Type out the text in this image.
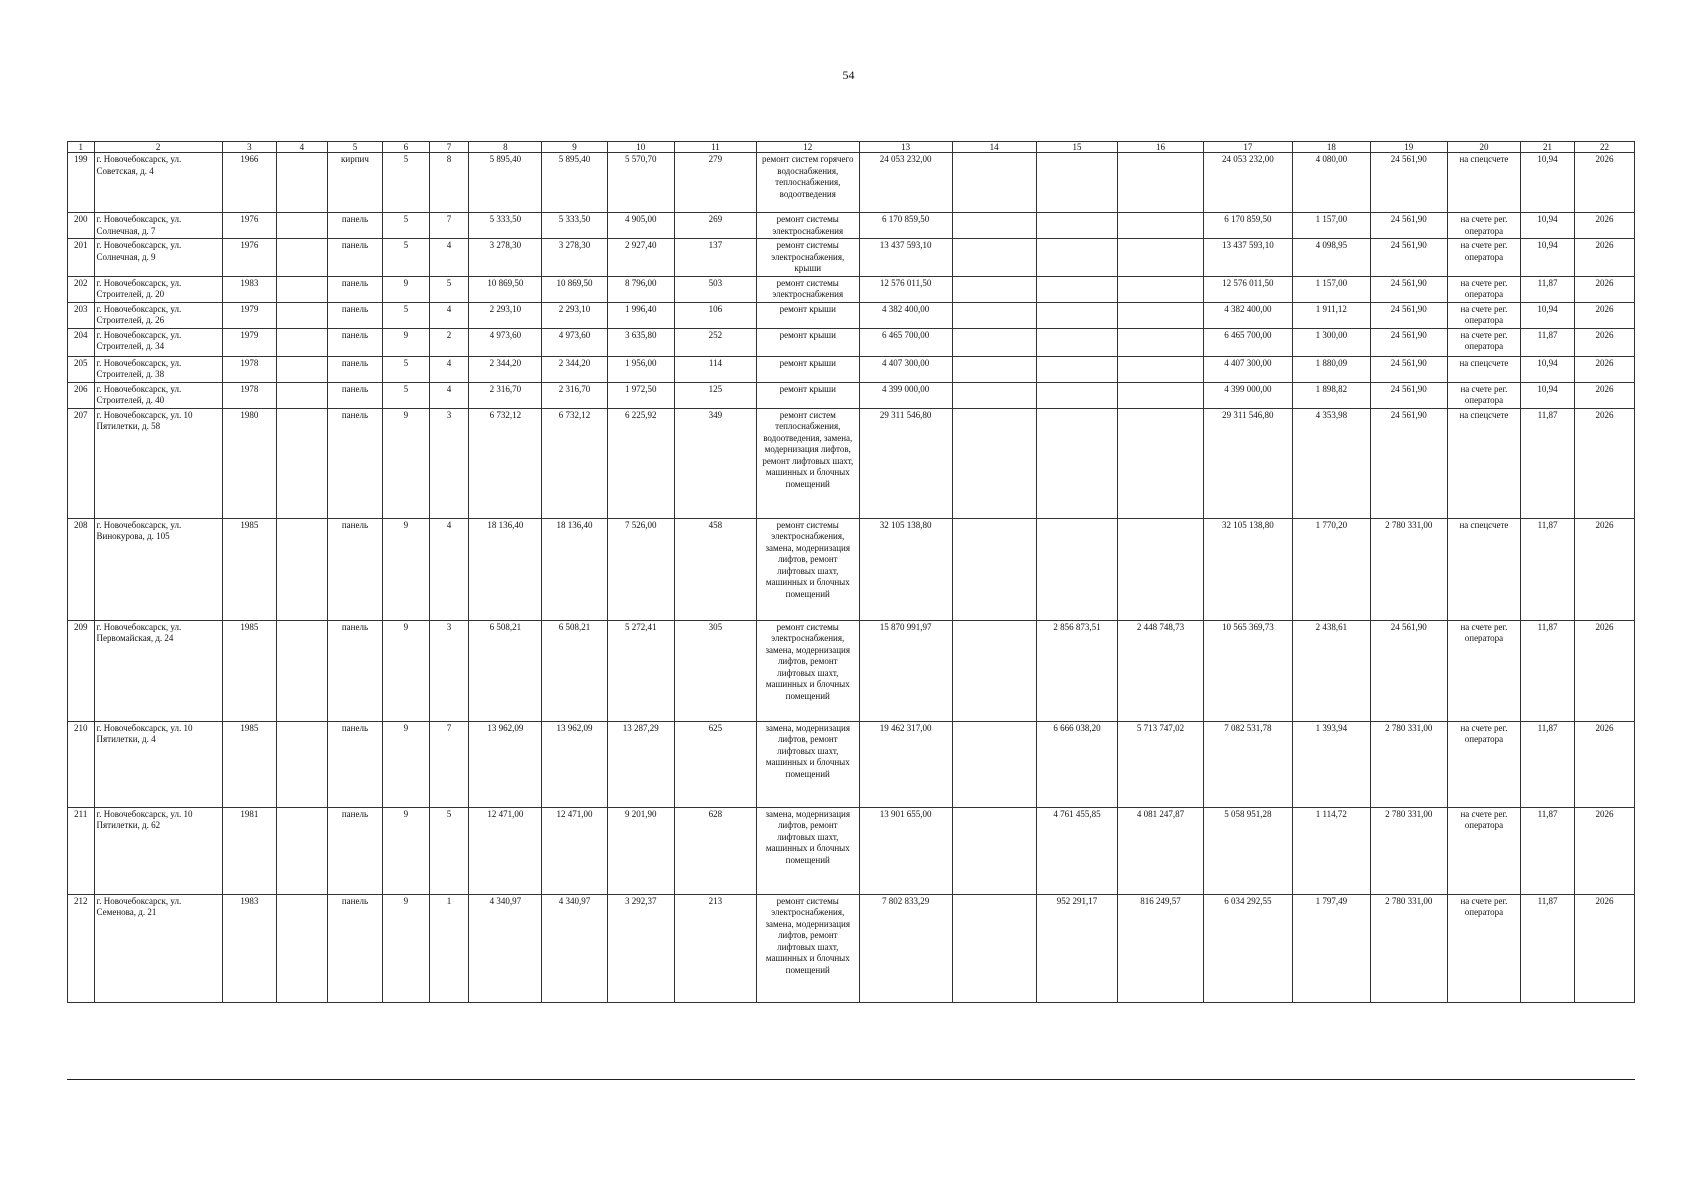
54
1	2	3	4	5	6	7	8	9	10	11	12	13	14	15	16	17	18	19	20	21	22
199	г. Новочебоксарск, ул. Советская, д. 4	1966		кирпич	5	8	5 895,40	5 895,40	5 570,70	279	ремонт систем горячего водоснабжения, теплоснабжения, водоотведения	24 053 232,00				24 053 232,00	4 080,00	24 561,90	на спецсчете	10,94	2026
200	г. Новочебоксарск, ул. Солнечная, д. 7	1976		панель	5	7	5 333,50	5 333,50	4 905,00	269	ремонт системы электроснабжения	6 170 859,50				6 170 859,50	1 157,00	24 561,90	на счете рег. оператора	10,94	2026
201	г. Новочебоксарск, ул. Солнечная, д. 9	1976		панель	5	4	3 278,30	3 278,30	2 927,40	137	ремонт системы электроснабжения, крыши	13 437 593,10				13 437 593,10	4 098,95	24 561,90	на счете рег. оператора	10,94	2026
202	г. Новочебоксарск, ул. Строителей, д. 20	1983		панель	9	5	10 869,50	10 869,50	8 796,00	503	ремонт системы электроснабжения	12 576 011,50				12 576 011,50	1 157,00	24 561,90	на счете рег. оператора	11,87	2026
203	г. Новочебоксарск, ул. Строителей, д. 26	1979		панель	5	4	2 293,10	2 293,10	1 996,40	106	ремонт крыши	4 382 400,00				4 382 400,00	1 911,12	24 561,90	на счете рег. оператора	10,94	2026
204	г. Новочебоксарск, ул. Строителей, д. 34	1979		панель	9	2	4 973,60	4 973,60	3 635,80	252	ремонт крыши	6 465 700,00				6 465 700,00	1 300,00	24 561,90	на счете рег. оператора	11,87	2026
205	г. Новочебоксарск, ул. Строителей, д. 38	1978		панель	5	4	2 344,20	2 344,20	1 956,00	114	ремонт крыши	4 407 300,00				4 407 300,00	1 880,09	24 561,90	на спецсчете	10,94	2026
206	г. Новочебоксарск, ул. Строителей, д. 40	1978		панель	5	4	2 316,70	2 316,70	1 972,50	125	ремонт крыши	4 399 000,00				4 399 000,00	1 898,82	24 561,90	на счете рег. оператора	10,94	2026
207	г. Новочебоксарск, ул. 10 Пятилетки, д. 58	1980		панель	9	3	6 732,12	6 732,12	6 225,92	349	ремонт систем теплоснабжения, водоотведения, замена, модернизация лифтов, ремонт лифтовых шахт, машинных и блочных помещений	29 311 546,80				29 311 546,80	4 353,98	24 561,90	на спецсчете	11,87	2026
208	г. Новочебоксарск, ул. Винокурова, д. 105	1985		панель	9	4	18 136,40	18 136,40	7 526,00	458	ремонт системы электроснабжения, замена, модернизация лифтов, ремонт лифтовых шахт, машинных и блочных помещений	32 105 138,80				32 105 138,80	1 770,20	2 780 331,00	на спецсчете	11,87	2026
209	г. Новочебоксарск, ул. Первомайская, д. 24	1985		панель	9	3	6 508,21	6 508,21	5 272,41	305	ремонт системы электроснабжения, замена, модернизация лифтов, ремонт лифтовых шахт, машинных и блочных помещений	15 870 991,97		2 856 873,51	2 448 748,73	10 565 369,73	2 438,61	24 561,90	на счете рег. оператора	11,87	2026
210	г. Новочебоксарск, ул. 10 Пятилетки, д. 4	1985		панель	9	7	13 962,09	13 962,09	13 287,29	625	замена, модернизация лифтов, ремонт лифтовых шахт, машинных и блочных помещений	19 462 317,00		6 666 038,20	5 713 747,02	7 082 531,78	1 393,94	2 780 331,00	на счете рег. оператора	11,87	2026
211	г. Новочебоксарск, ул. 10 Пятилетки, д. 62	1981		панель	9	5	12 471,00	12 471,00	9 201,90	628	замена, модернизация лифтов, ремонт лифтовых шахт, машинных и блочных помещений	13 901 655,00		4 761 455,85	4 081 247,87	5 058 951,28	1 114,72	2 780 331,00	на счете рег. оператора	11,87	2026
212	г. Новочебоксарск, ул. Семенова, д. 21	1983		панель	9	1	4 340,97	4 340,97	3 292,37	213	ремонт системы электроснабжения, замена, модернизация лифтов, ремонт лифтовых шахт, машинных и блочных помещений	7 802 833,29		952 291,17	816 249,57	6 034 292,55	1 797,49	2 780 331,00	на счете рег. оператора	11,87	2026
